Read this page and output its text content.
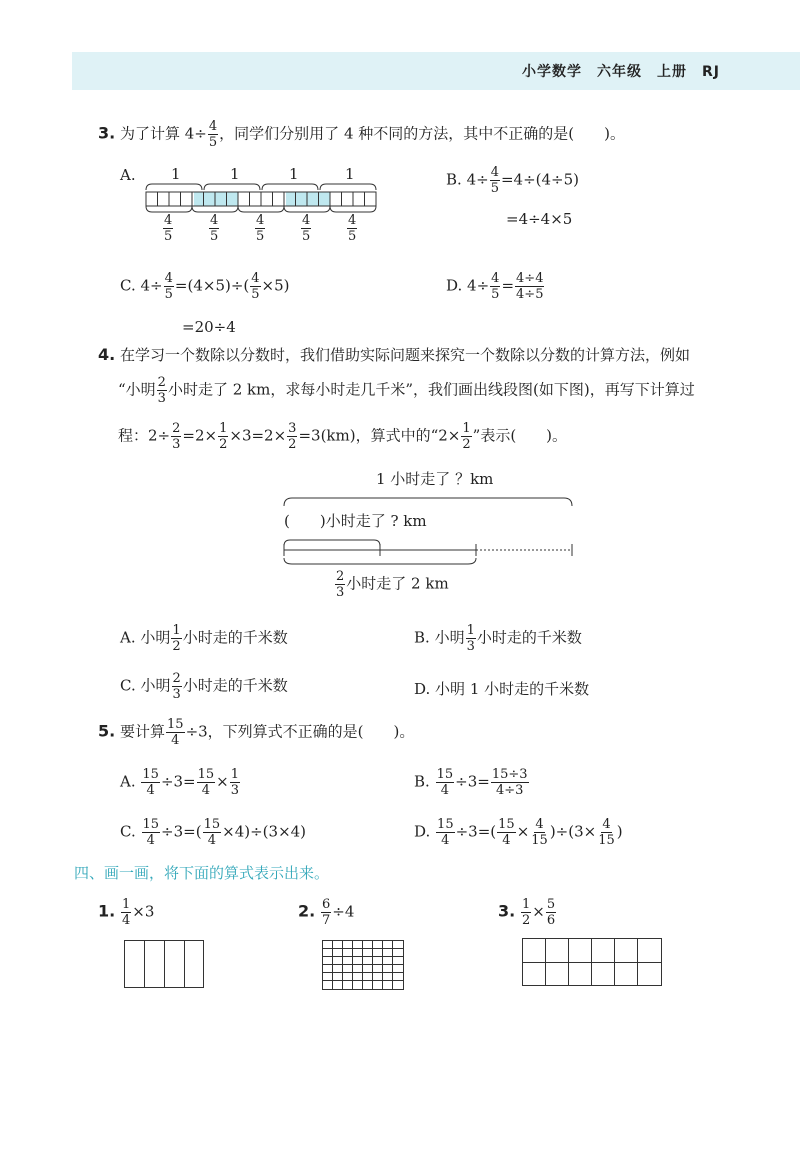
小学数学　六年级　上册　RJ
3. 为了计算 $4\div \frac{4}{5}$ ，同学们分别用了 4 种不同的方法，其中不正确的是(　　)。
A. 1	1	1	1
$\frac{4}{5}$	$\frac{4}{5}$	$\frac{4}{5}$	$\frac{4}{5}$	$\frac{4}{5}$
B. $4\div \frac{4}{5} =4\div(4\div 5)$
=4÷4×5
C. $4\div \frac{4}{5} =(4\times 5)\div( \frac{4}{5} \times 5)$
=20÷4
D. $4\div \frac{4}{5} = \frac{4\div 4}{4\div 5}$
4. 在学习一个数除以分数时，我们借助实际问题来探究一个数除以分数的计算方法，例如
“小明 $\frac{2}{3}$ 小时走了 2 km，求每小时走几千米”，我们画出线段图(如下图)，再写下计算过
程：$2\div \frac{2}{3} =2\times \frac{1}{2} \times 3=2\times \frac{3}{2} =3(km)$，算式中的“$2\times \frac{1}{2}$ ”表示(　　)。
1 小时走了 ？km
(　　)小时走了 ? km
$\frac{2}{3}$ 小时走了 2 km
A. 小明 $\frac{1}{2}$ 小时走的千米数	B. 小明 $\frac{1}{3}$ 小时走的千米数
C. 小明 $\frac{2}{3}$ 小时走的千米数	D. 小明 1 小时走的千米数
5. 要计算 $\frac{15}{4} \div 3$，下列算式不正确的是(　　)。
A. $\frac{15}{4} \div 3= \frac{15}{4} \times \frac{1}{3}$	B. $\frac{15}{4} \div 3= \frac{15\div 3}{4\div 3}$
C. $\frac{15}{4} \div 3=( \frac{15}{4} \times 4)\div(3\times 4)$	D. $\frac{15}{4} \div 3=( \frac{15}{4} \times \frac{4}{15} )\div(3\times \frac{4}{15}$ )
四、画一画，将下面的算式表示出来。
1. $\frac{1}{4} \times 3$	2. $\frac{6}{7} \div 4$	3. $\frac{1}{2} \times \frac{5}{6}$
